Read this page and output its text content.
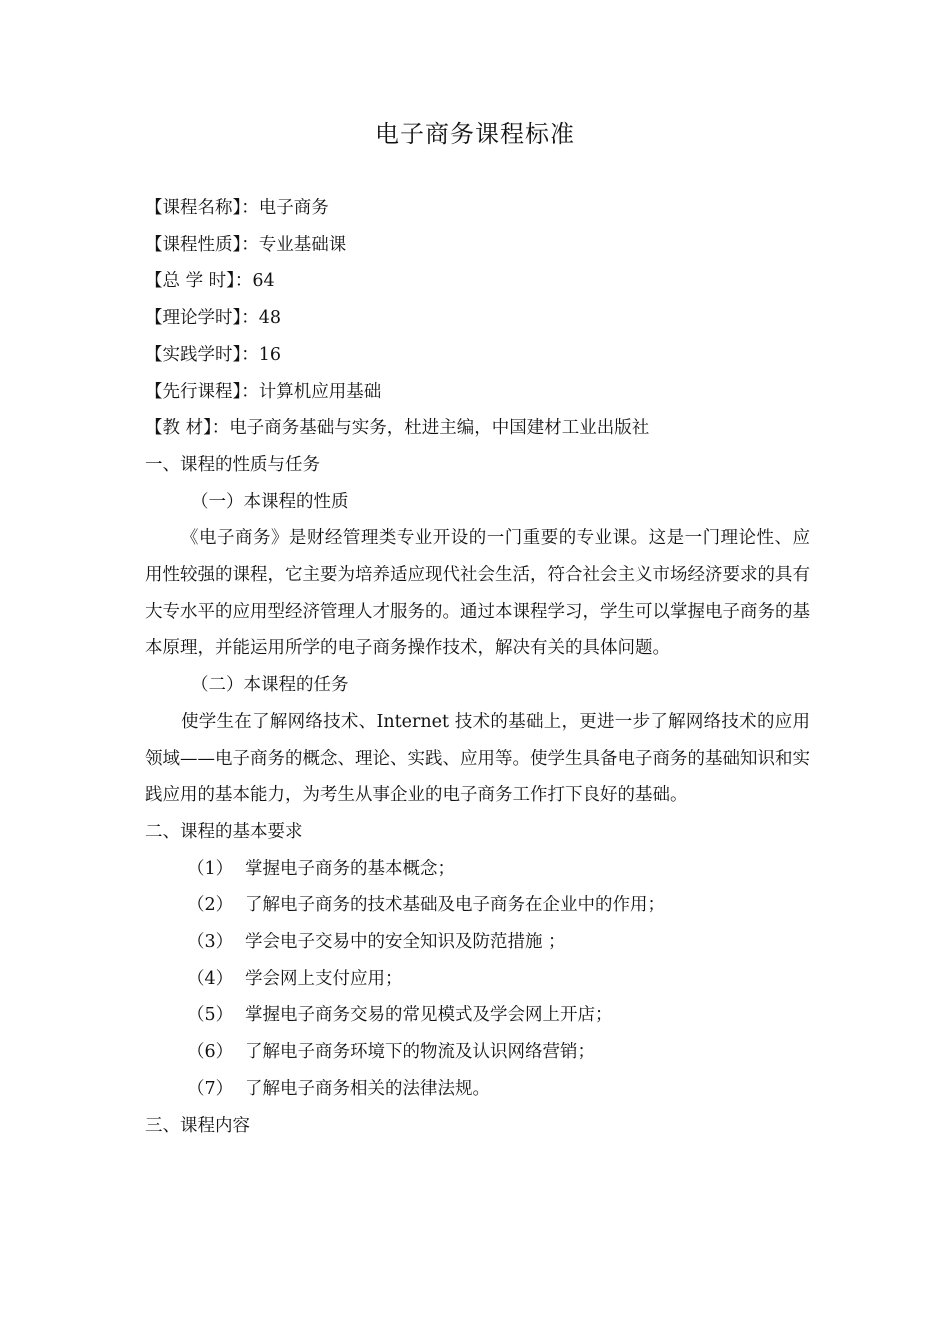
电子商务课程标准

【课程名称】：电子商务

【课程性质】：专业基础课

【总 学 时】：64

【理论学时】：48

【实践学时】：16

【先行课程】：计算机应用基础

【教 材】：电子商务基础与实务，杜进主编，中国建材工业出版社

一、课程的性质与任务

（一）本课程的性质

《电子商务》是财经管理类专业开设的一门重要的专业课。这是一门理论性、应用性较强的课程，它主要为培养适应现代社会生活，符合社会主义市场经济要求的具有大专水平的应用型经济管理人才服务的。通过本课程学习，学生可以掌握电子商务的基本原理，并能运用所学的电子商务操作技术，解决有关的具体问题。

（二）本课程的任务

使学生在了解网络技术、Internet 技术的基础上，更进一步了解网络技术的应用领域——电子商务的概念、理论、实践、应用等。使学生具备电子商务的基础知识和实践应用的基本能力，为考生从事企业的电子商务工作打下良好的基础。

二、课程的基本要求

（1） 掌握电子商务的基本概念；

（2） 了解电子商务的技术基础及电子商务在企业中的作用；

（3） 学会电子交易中的安全知识及防范措施 ；

（4） 学会网上支付应用；

（5） 掌握电子商务交易的常见模式及学会网上开店；

（6） 了解电子商务环境下的物流及认识网络营销；

（7） 了解电子商务相关的法律法规。

三、课程内容
